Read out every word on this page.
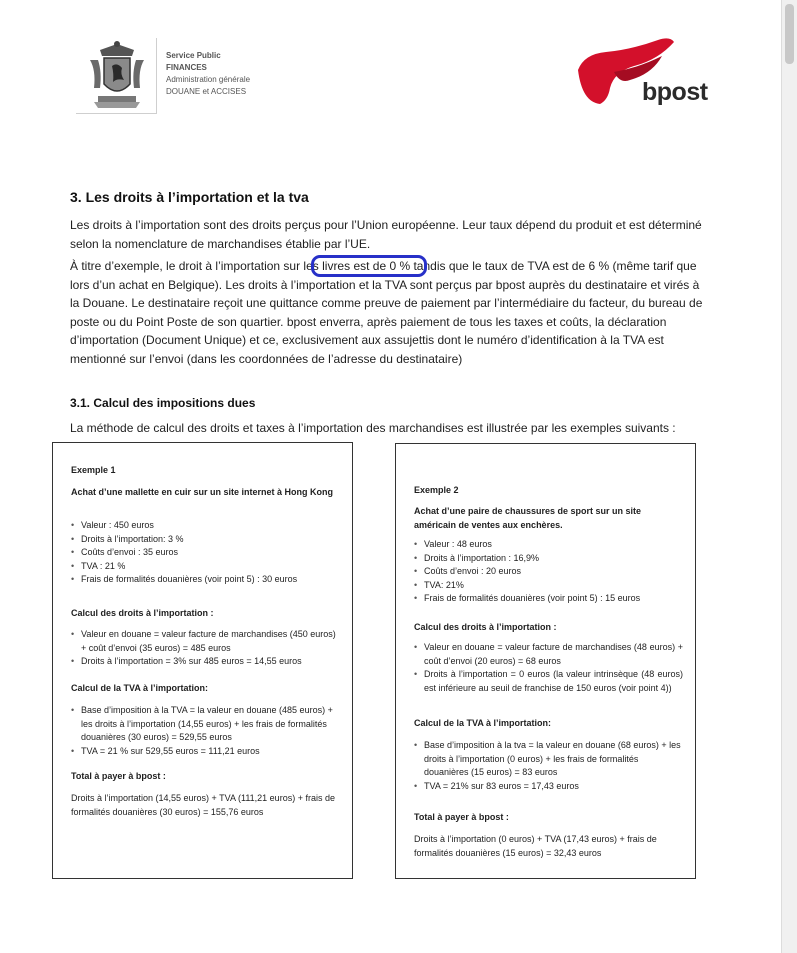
Service Public
FINANCES
Administration générale
DOUANE et ACCISES	bpost
3. Les droits à l’importation et la tva

Les droits à l’importation sont des droits perçus pour l’Union européenne. Leur taux dépend du produit et est déterminé selon la nomenclature de marchandises établie par l’UE.

À titre d’exemple, le droit à l’importation sur les livres est de 0 % tandis que le taux de TVA est de 6 % (même tarif que lors d’un achat en Belgique). Les droits à l’importation et la TVA sont perçus par bpost auprès du destinataire et virés à la Douane. Le destinataire reçoit une quittance comme preuve de paiement par l’intermédiaire du facteur, du bureau de poste ou du Point Poste de son quartier. bpost enverra, après paiement de tous les taxes et coûts, la déclaration d’importation (Document Unique) et ce, exclusivement aux assujettis dont le numéro d’identification à la TVA est mentionné sur l’envoi (dans les coordonnées de l’adresse du destinataire)

3.1. Calcul des impositions dues

La méthode de calcul des droits et taxes à l’importation des marchandises est illustrée par les exemples suivants :

Exemple 1

Achat d’une mallette en cuir sur un site internet à Hong Kong

• Valeur : 450 euros
• Droits à l’importation: 3 %
• Coûts d’envoi : 35 euros
• TVA : 21 %
• Frais de formalités douanières (voir point 5) : 30 euros

Calcul des droits à l’importation :

• Valeur en douane = valeur facture de marchandises (450 euros) + coût d’envoi (35 euros) = 485 euros
• Droits à l’importation = 3% sur 485 euros = 14,55 euros

Calcul de la TVA à l’importation:

• Base d’imposition à la TVA = la valeur en douane (485 euros) + les droits à l’importation (14,55 euros) + les frais de formalités douanières (30 euros) = 529,55 euros
• TVA = 21 % sur 529,55 euros = 111,21 euros

Total à payer à bpost :

Droits à l’importation (14,55 euros) + TVA (111,21 euros) + frais de formalités douanières (30 euros) = 155,76 euros

Exemple 2

Achat d’une paire de chaussures de sport sur un site américain de ventes aux enchères.

• Valeur : 48 euros
• Droits à l’importation : 16,9%
• Coûts d’envoi : 20 euros
• TVA: 21%
• Frais de formalités douanières (voir point 5) : 15 euros

Calcul des droits à l’importation :

• Valeur en douane = valeur facture de marchandises (48 euros) + coût d’envoi (20 euros) = 68 euros
• Droits à l’importation = 0 euros (la valeur intrinsèque (48 euros) est inférieure au seuil de franchise de 150 euros (voir point 4))

Calcul de la TVA à l’importation:

• Base d’imposition à la tva = la valeur en douane (68 euros) + les droits à l’importation (0 euros) + les frais de formalités douanières (15 euros) = 83 euros
• TVA = 21% sur 83 euros = 17,43 euros

Total à payer à bpost :

Droits à l’importation (0 euros) + TVA (17,43 euros) + frais de formalités douanières (15 euros) = 32,43 euros
